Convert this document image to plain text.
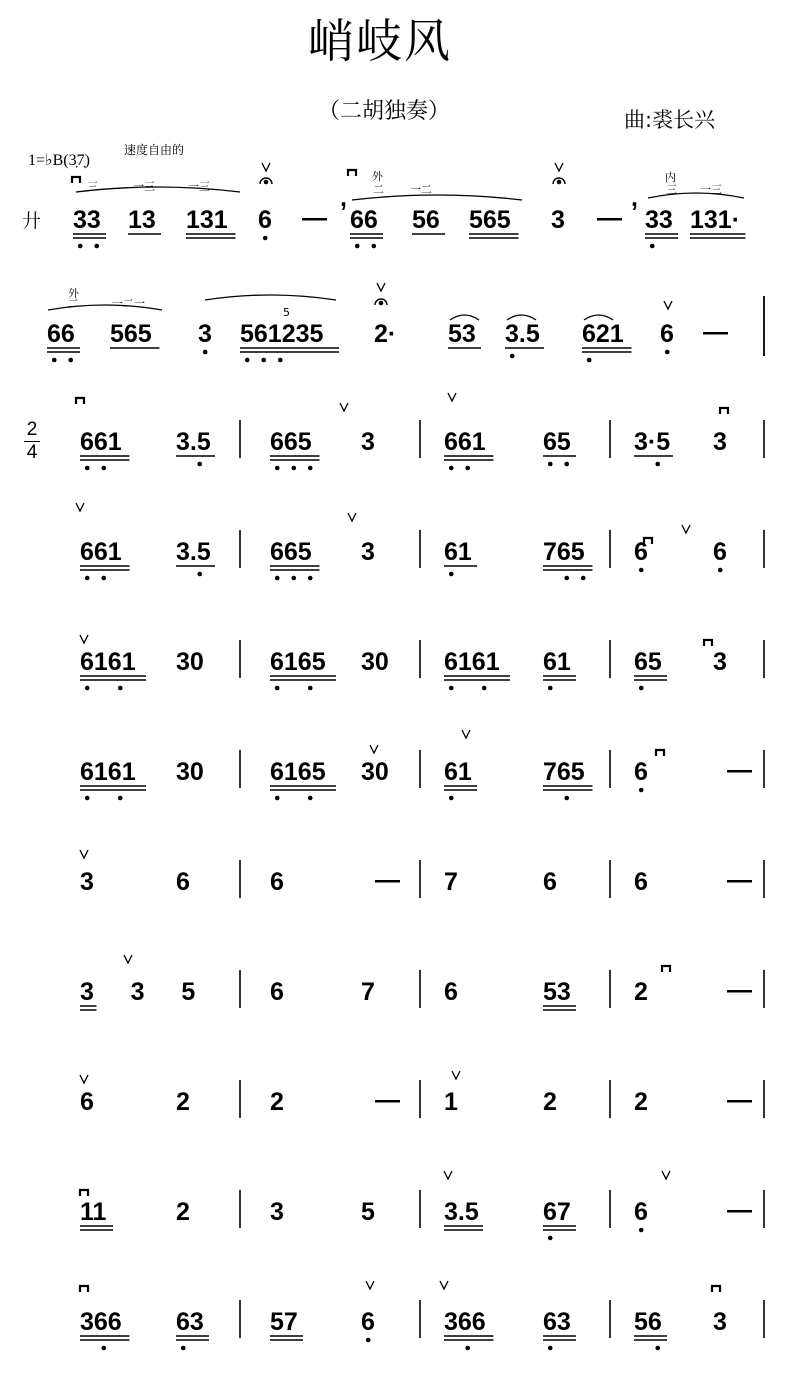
峭岐风
（二胡独奏）	曲:裘长兴
1=♭B(3̣7̣)
速度自由的
廾
2
4
三	一三	一三
33 13 131 6 —
,
外
二 一二
66 56 565 3 —
,
内
三 一三
33 131·
外
二	一二一
66 565 3
5
561235 2· 53 3.5 621 6 —
661 3.5 665 3	661 65	3·5 3
661 3.5 665 3	61	765 6	6
6161 30	6165 30 6161 61	65 3
6161 30	6165 30 61	765 6	—
3	6	6	— 7	6	6	—
3 3 5	6	7	6	53	2	—
6	2	2	— 1	2	2	—
11	2	3	5	3.5	67	6	—
366 63	57	6	366 63	56 3
